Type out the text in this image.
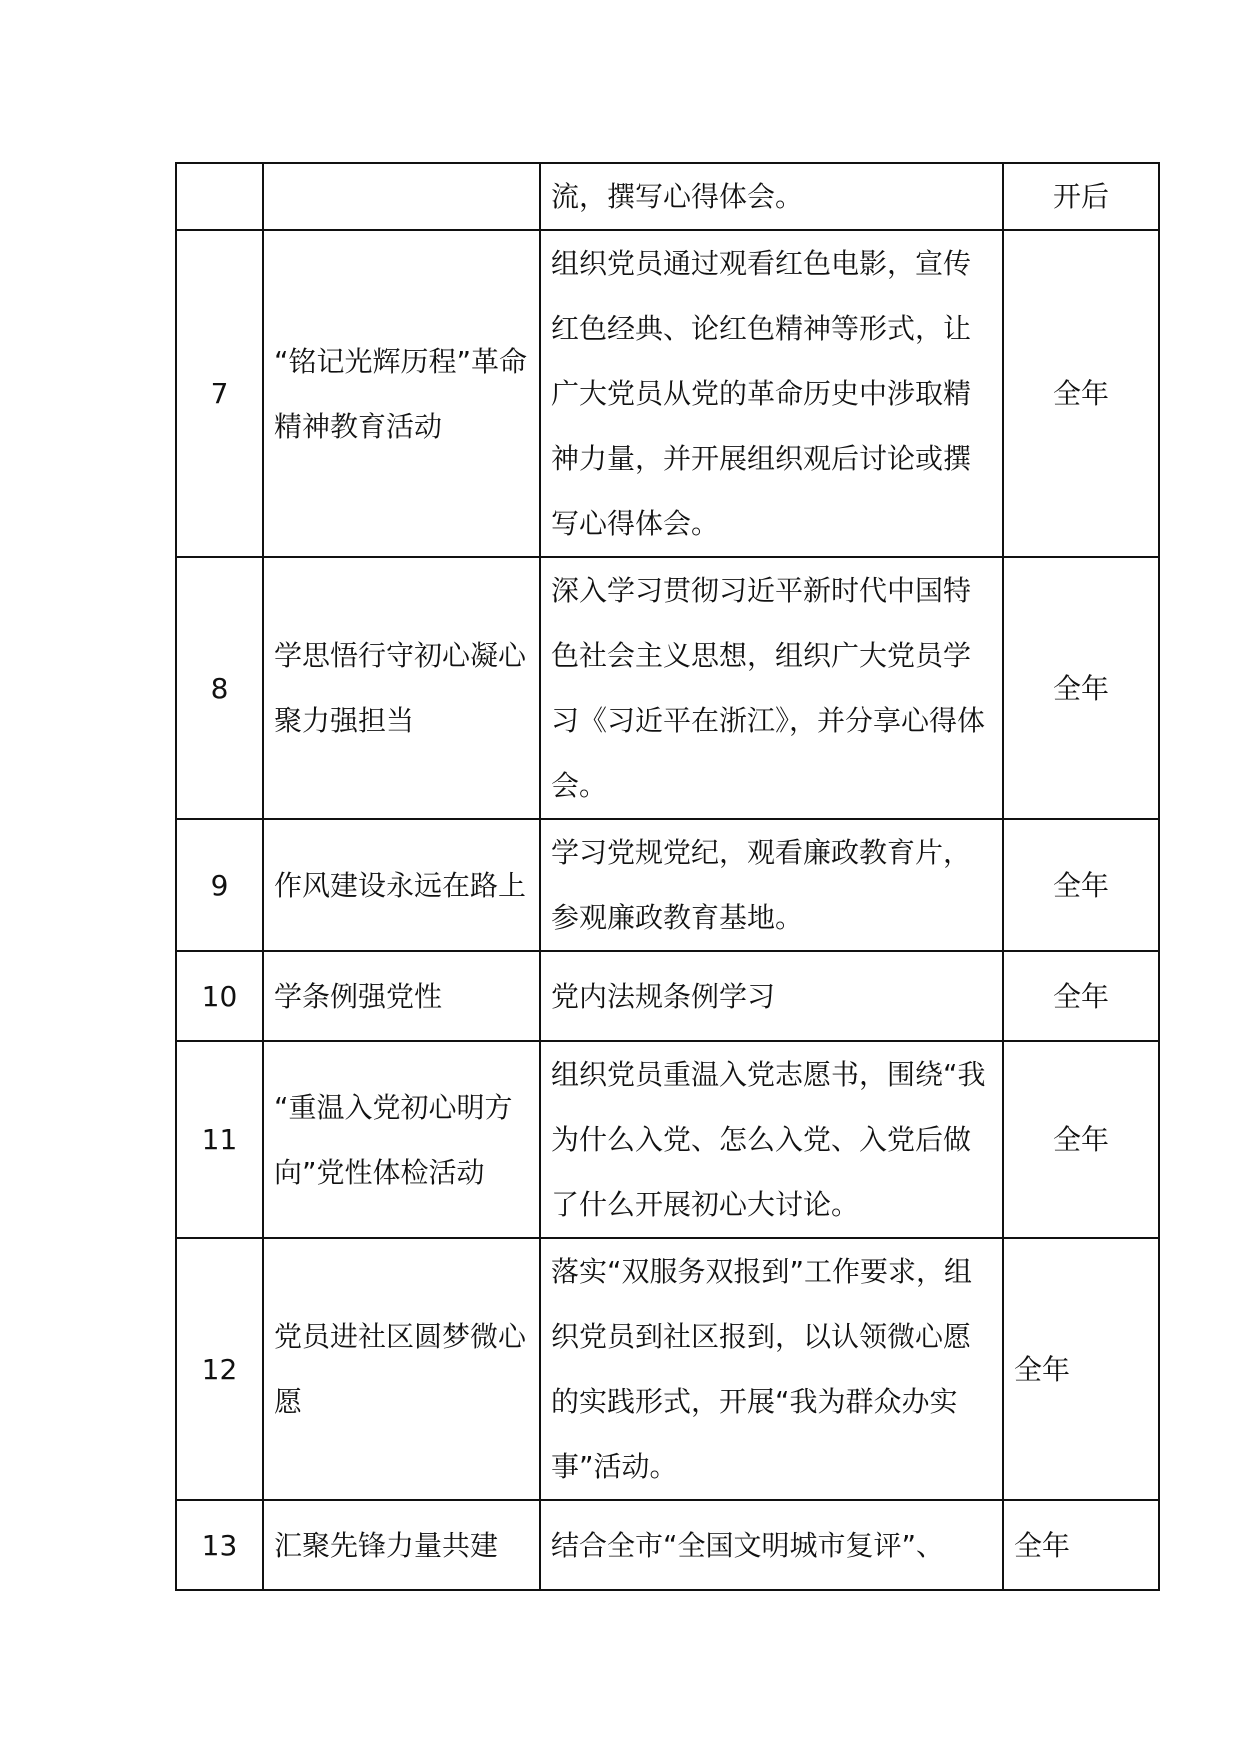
		流，撰写心得体会。	开后
7	“铭记光辉历程”革命精神教育活动	组织党员通过观看红色电影，宣传红色经典、论红色精神等形式，让广大党员从党的革命历史中涉取精神力量，并开展组织观后讨论或撰写心得体会。	全年
8	学思悟行守初心凝心聚力强担当	深入学习贯彻习近平新时代中国特色社会主义思想，组织广大党员学习《习近平在浙江》，并分享心得体会。	全年
9	作风建设永远在路上	学习党规党纪，观看廉政教育片，参观廉政教育基地。	全年
10	学条例强党性	党内法规条例学习	全年
11	“重温入党初心明方向”党性体检活动	组织党员重温入党志愿书，围绕“我为什么入党、怎么入党、入党后做了什么开展初心大讨论。	全年
12	党员进社区圆梦微心愿	落实“双服务双报到”工作要求，组织党员到社区报到，以认领微心愿的实践形式，开展“我为群众办实事”活动。	全年
13	汇聚先锋力量共建	结合全市“全国文明城市复评”、	全年
